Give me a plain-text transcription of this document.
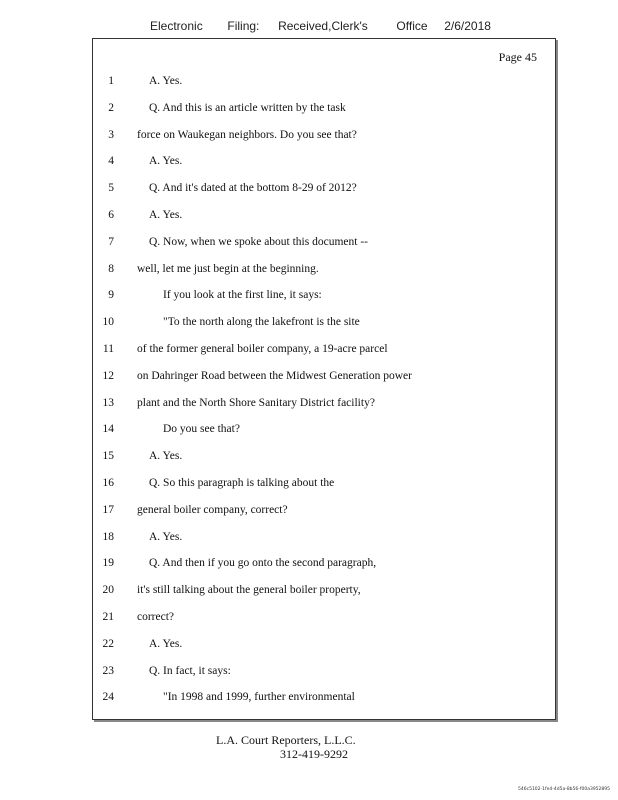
Electronic Filing: Received,Clerk's Office 2/6/2018
Page 45
1	A. Yes.
2	Q. And this is an article written by the task
3 force on Waukegan neighbors. Do you see that?
4	A. Yes.
5	Q. And it's dated at the bottom 8-29 of 2012?
6	A. Yes.
7	Q. Now, when we spoke about this document --
8 well, let me just begin at the beginning.
9	If you look at the first line, it says:
10	"To the north along the lakefront is the site
11 of the former general boiler company, a 19-acre parcel
12 on Dahringer Road between the Midwest Generation power
13 plant and the North Shore Sanitary District facility?
14	Do you see that?
15	A. Yes.
16	Q. So this paragraph is talking about the
17 general boiler company, correct?
18	A. Yes.
19	Q. And then if you go onto the second paragraph,
20 it's still talking about the general boiler property,
21 correct?
22	A. Yes.
23	Q. In fact, it says:
24	"In 1998 and 1999, further environmental
L.A. Court Reporters, L.L.C.
312-419-9292
546c5102-1fe4-4d5a-8b56-f00a3952895
